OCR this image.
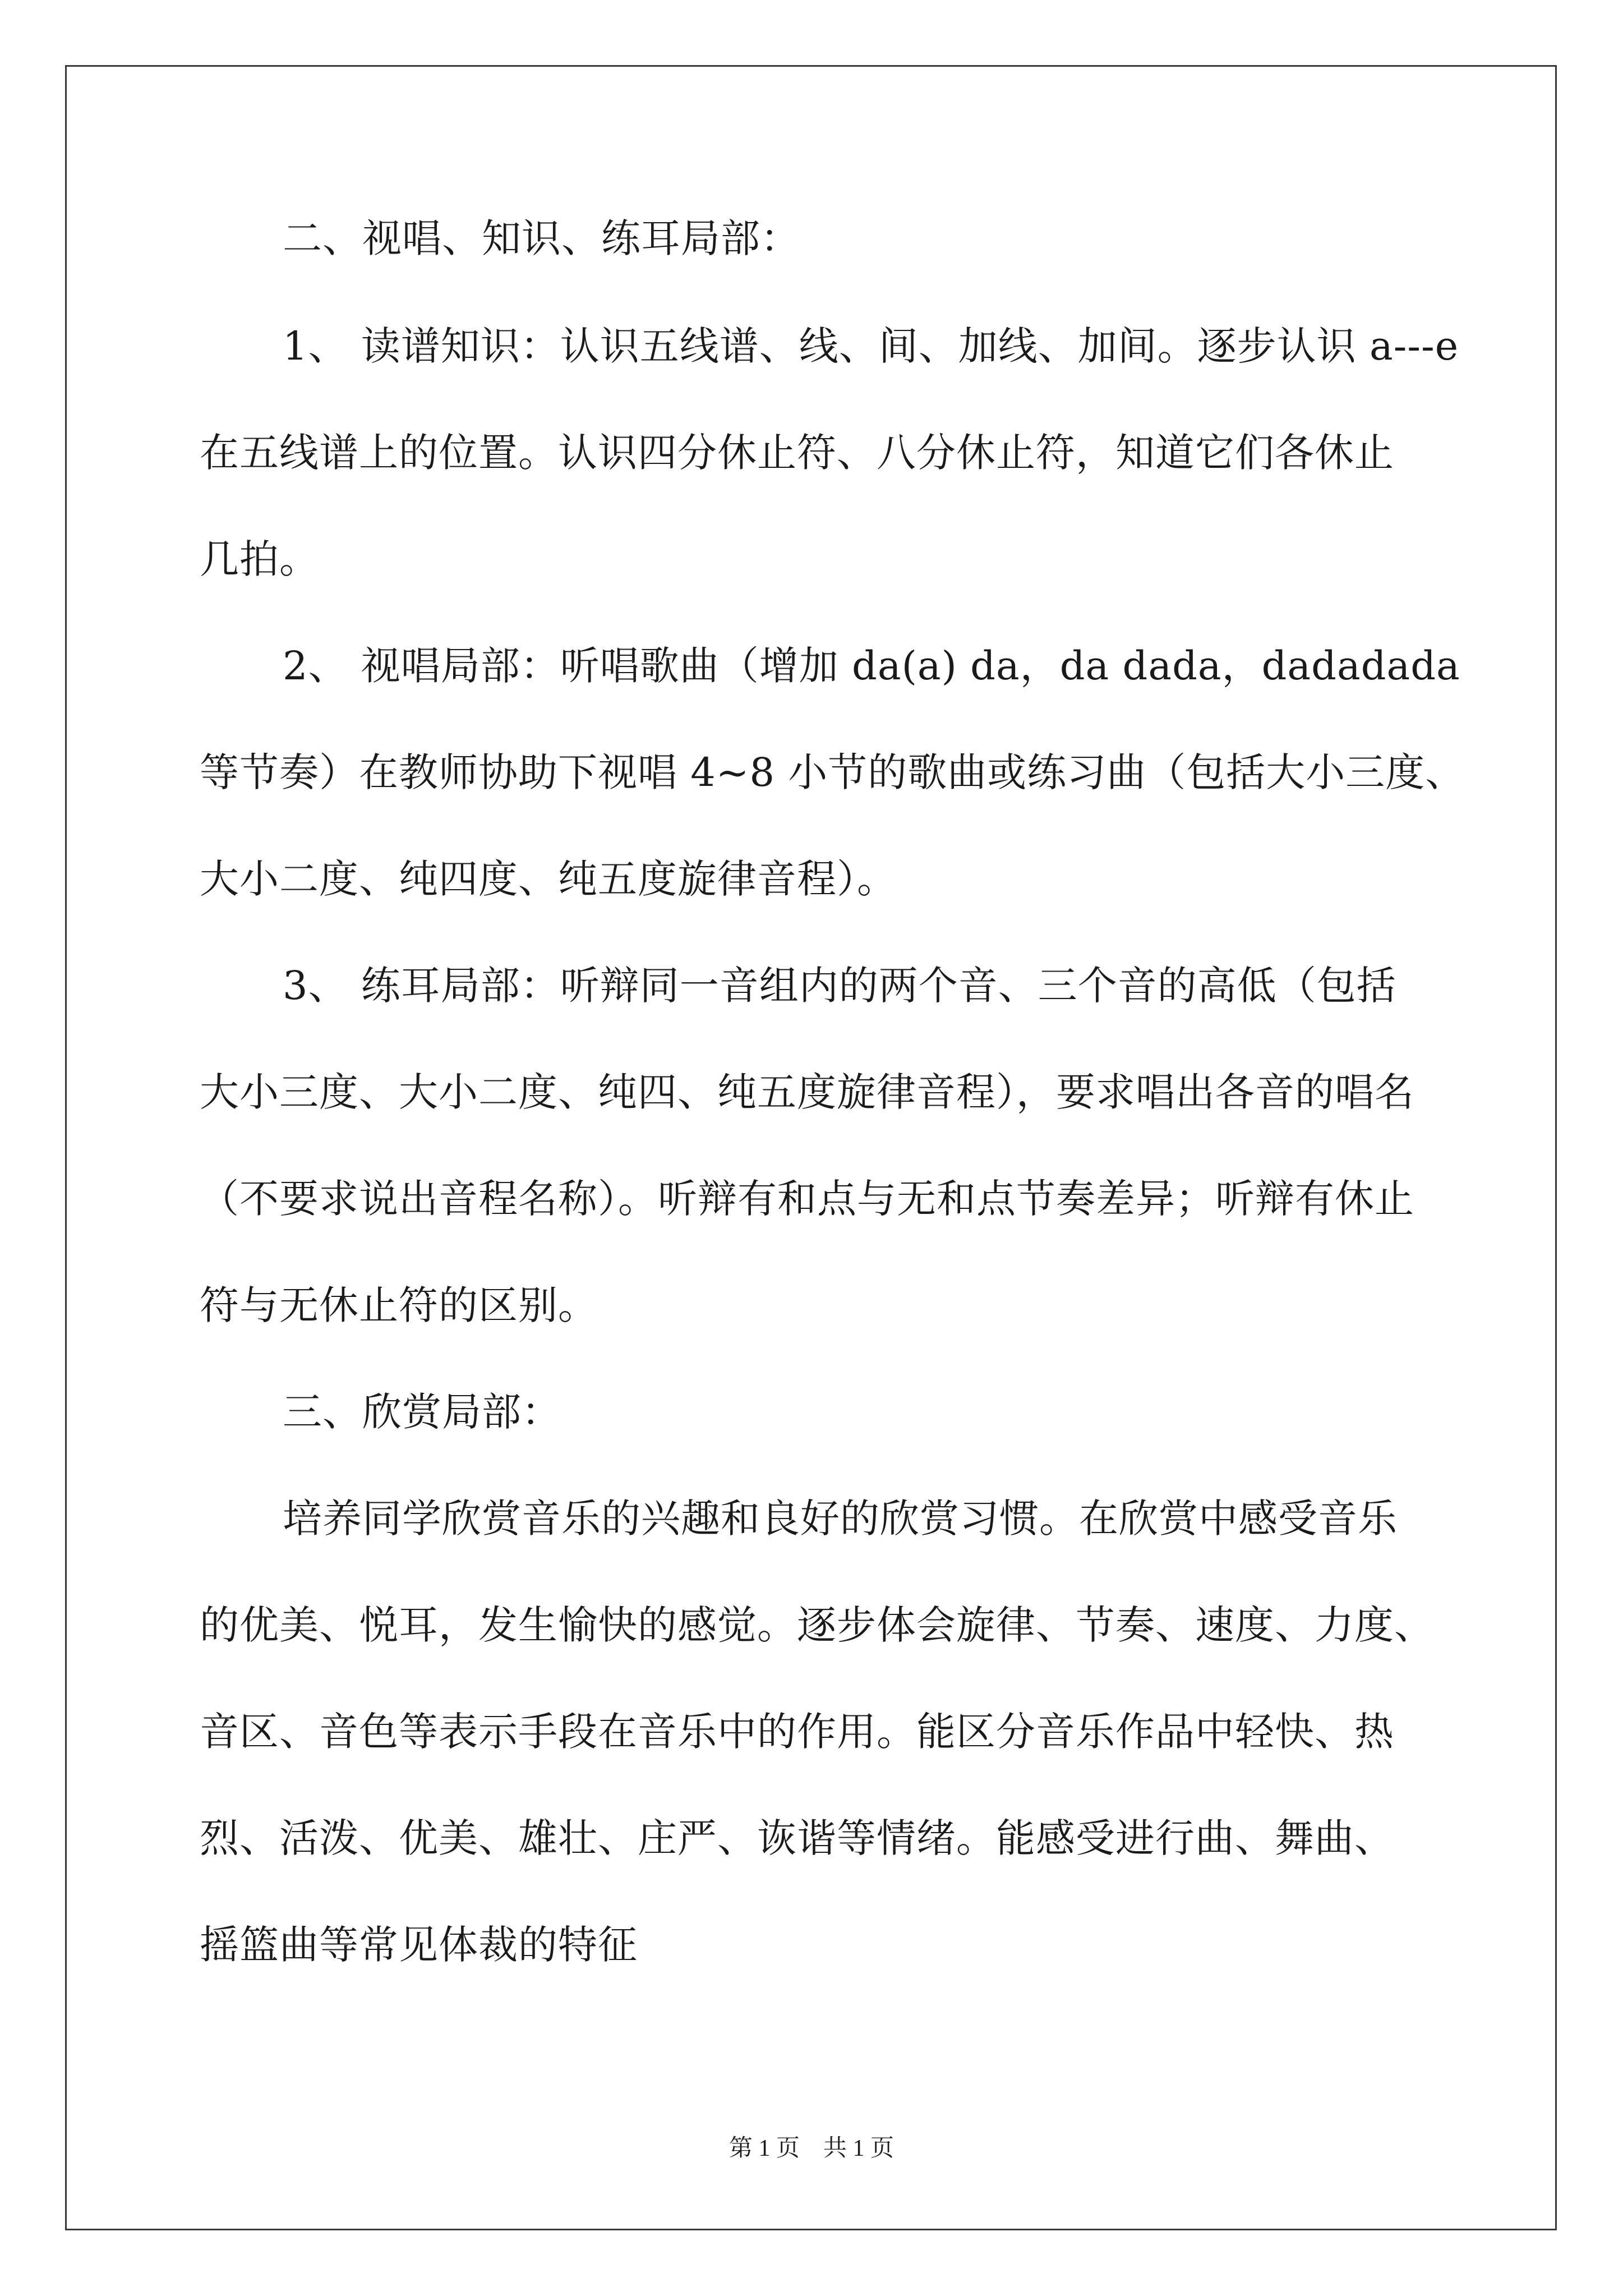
二、视唱、知识、练耳局部：
1、 读谱知识：认识五线谱、线、间、加线、加间。逐步认识 a---e
在五线谱上的位置。认识四分休止符、八分休止符，知道它们各休止
几拍。
2、 视唱局部：听唱歌曲（增加 da(a) da，da dada，dadadada
等节奏）在教师协助下视唱 4~8 小节的歌曲或练习曲（包括大小三度、
大小二度、纯四度、纯五度旋律音程）。
3、 练耳局部：听辩同一音组内的两个音、三个音的高低（包括
大小三度、大小二度、纯四、纯五度旋律音程），要求唱出各音的唱名
（不要求说出音程名称）。听辩有和点与无和点节奏差异；听辩有休止
符与无休止符的区别。
三、欣赏局部：
培养同学欣赏音乐的兴趣和良好的欣赏习惯。在欣赏中感受音乐
的优美、悦耳，发生愉快的感觉。逐步体会旋律、节奏、速度、力度、
音区、音色等表示手段在音乐中的作用。能区分音乐作品中轻快、热
烈、活泼、优美、雄壮、庄严、诙谐等情绪。能感受进行曲、舞曲、
摇篮曲等常见体裁的特征
第 1 页　共 1 页
